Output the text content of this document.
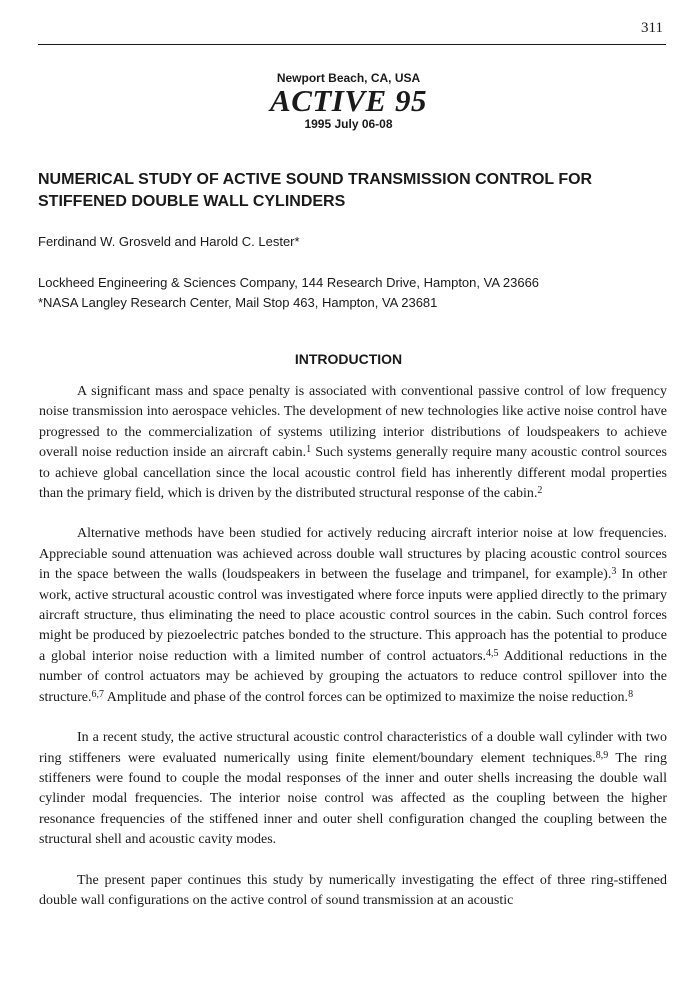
311
Newport Beach, CA, USA
ACTIVE 95
1995 July 06-08
NUMERICAL STUDY OF ACTIVE SOUND TRANSMISSION CONTROL FOR STIFFENED DOUBLE WALL CYLINDERS

Ferdinand W. Grosveld and Harold C. Lester*

Lockheed Engineering & Sciences Company, 144 Research Drive, Hampton, VA 23666
*NASA Langley Research Center, Mail Stop 463, Hampton, VA 23681
INTRODUCTION

A significant mass and space penalty is associated with conventional passive control of low frequency noise transmission into aerospace vehicles. The development of new technologies like active noise control have progressed to the commercialization of systems utilizing interior distributions of loudspeakers to achieve overall noise reduction inside an aircraft cabin.$^1$ Such systems generally require many acoustic control sources to achieve global cancellation since the local acoustic control field has inherently different modal properties than the primary field, which is driven by the distributed structural response of the cabin.$^2$

Alternative methods have been studied for actively reducing aircraft interior noise at low frequencies. Appreciable sound attenuation was achieved across double wall structures by placing acoustic control sources in the space between the walls (loudspeakers in between the fuselage and trimpanel, for example).$^3$ In other work, active structural acoustic control was investigated where force inputs were applied directly to the primary aircraft structure, thus eliminating the need to place acoustic control sources in the cabin. Such control forces might be produced by piezoelectric patches bonded to the structure. This approach has the potential to produce a global interior noise reduction with a limited number of control actuators.$^{4,5}$ Additional reductions in the number of control actuators may be achieved by grouping the actuators to reduce control spillover into the structure.$^{6,7}$ Amplitude and phase of the control forces can be optimized to maximize the noise reduction.$^8$

In a recent study, the active structural acoustic control characteristics of a double wall cylinder with two ring stiffeners were evaluated numerically using finite element/boundary element techniques.$^{8,9}$ The ring stiffeners were found to couple the modal responses of the inner and outer shells increasing the double wall cylinder modal frequencies. The interior noise control was affected as the coupling between the higher resonance frequencies of the stiffened inner and outer shell configuration changed the coupling between the structural shell and acoustic cavity modes.

The present paper continues this study by numerically investigating the effect of three ring-stiffened double wall configurations on the active control of sound transmission at an acoustic
